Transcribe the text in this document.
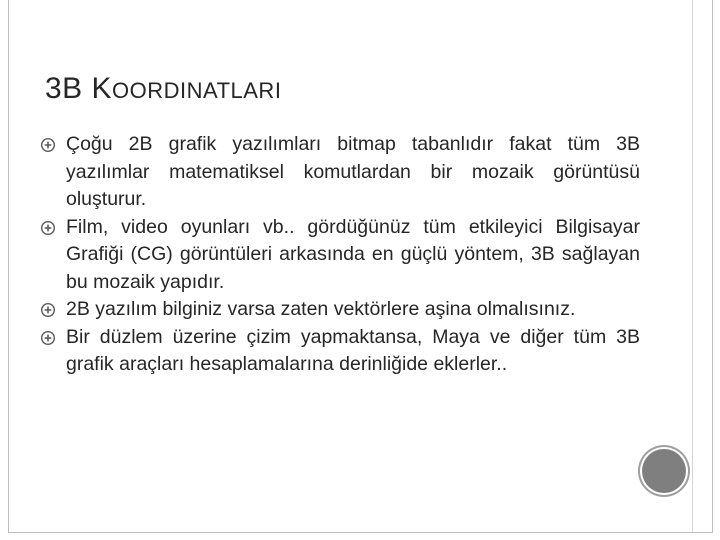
3B KOORDINATLARI
Çoğu 2B grafik yazılımları bitmap tabanlıdır fakat tüm 3B yazılımlar matematiksel komutlardan bir mozaik görüntüsü oluşturur.
Film, video oyunları vb.. gördüğünüz tüm etkileyici Bilgisayar Grafiği (CG) görüntüleri arkasında en güçlü yöntem, 3B sağlayan bu mozaik yapıdır.
2B yazılım bilginiz varsa zaten vektörlere aşina olmalısınız.
Bir düzlem üzerine çizim yapmaktansa, Maya ve diğer tüm 3B grafik araçları hesaplamalarına derinliğide eklerler..
